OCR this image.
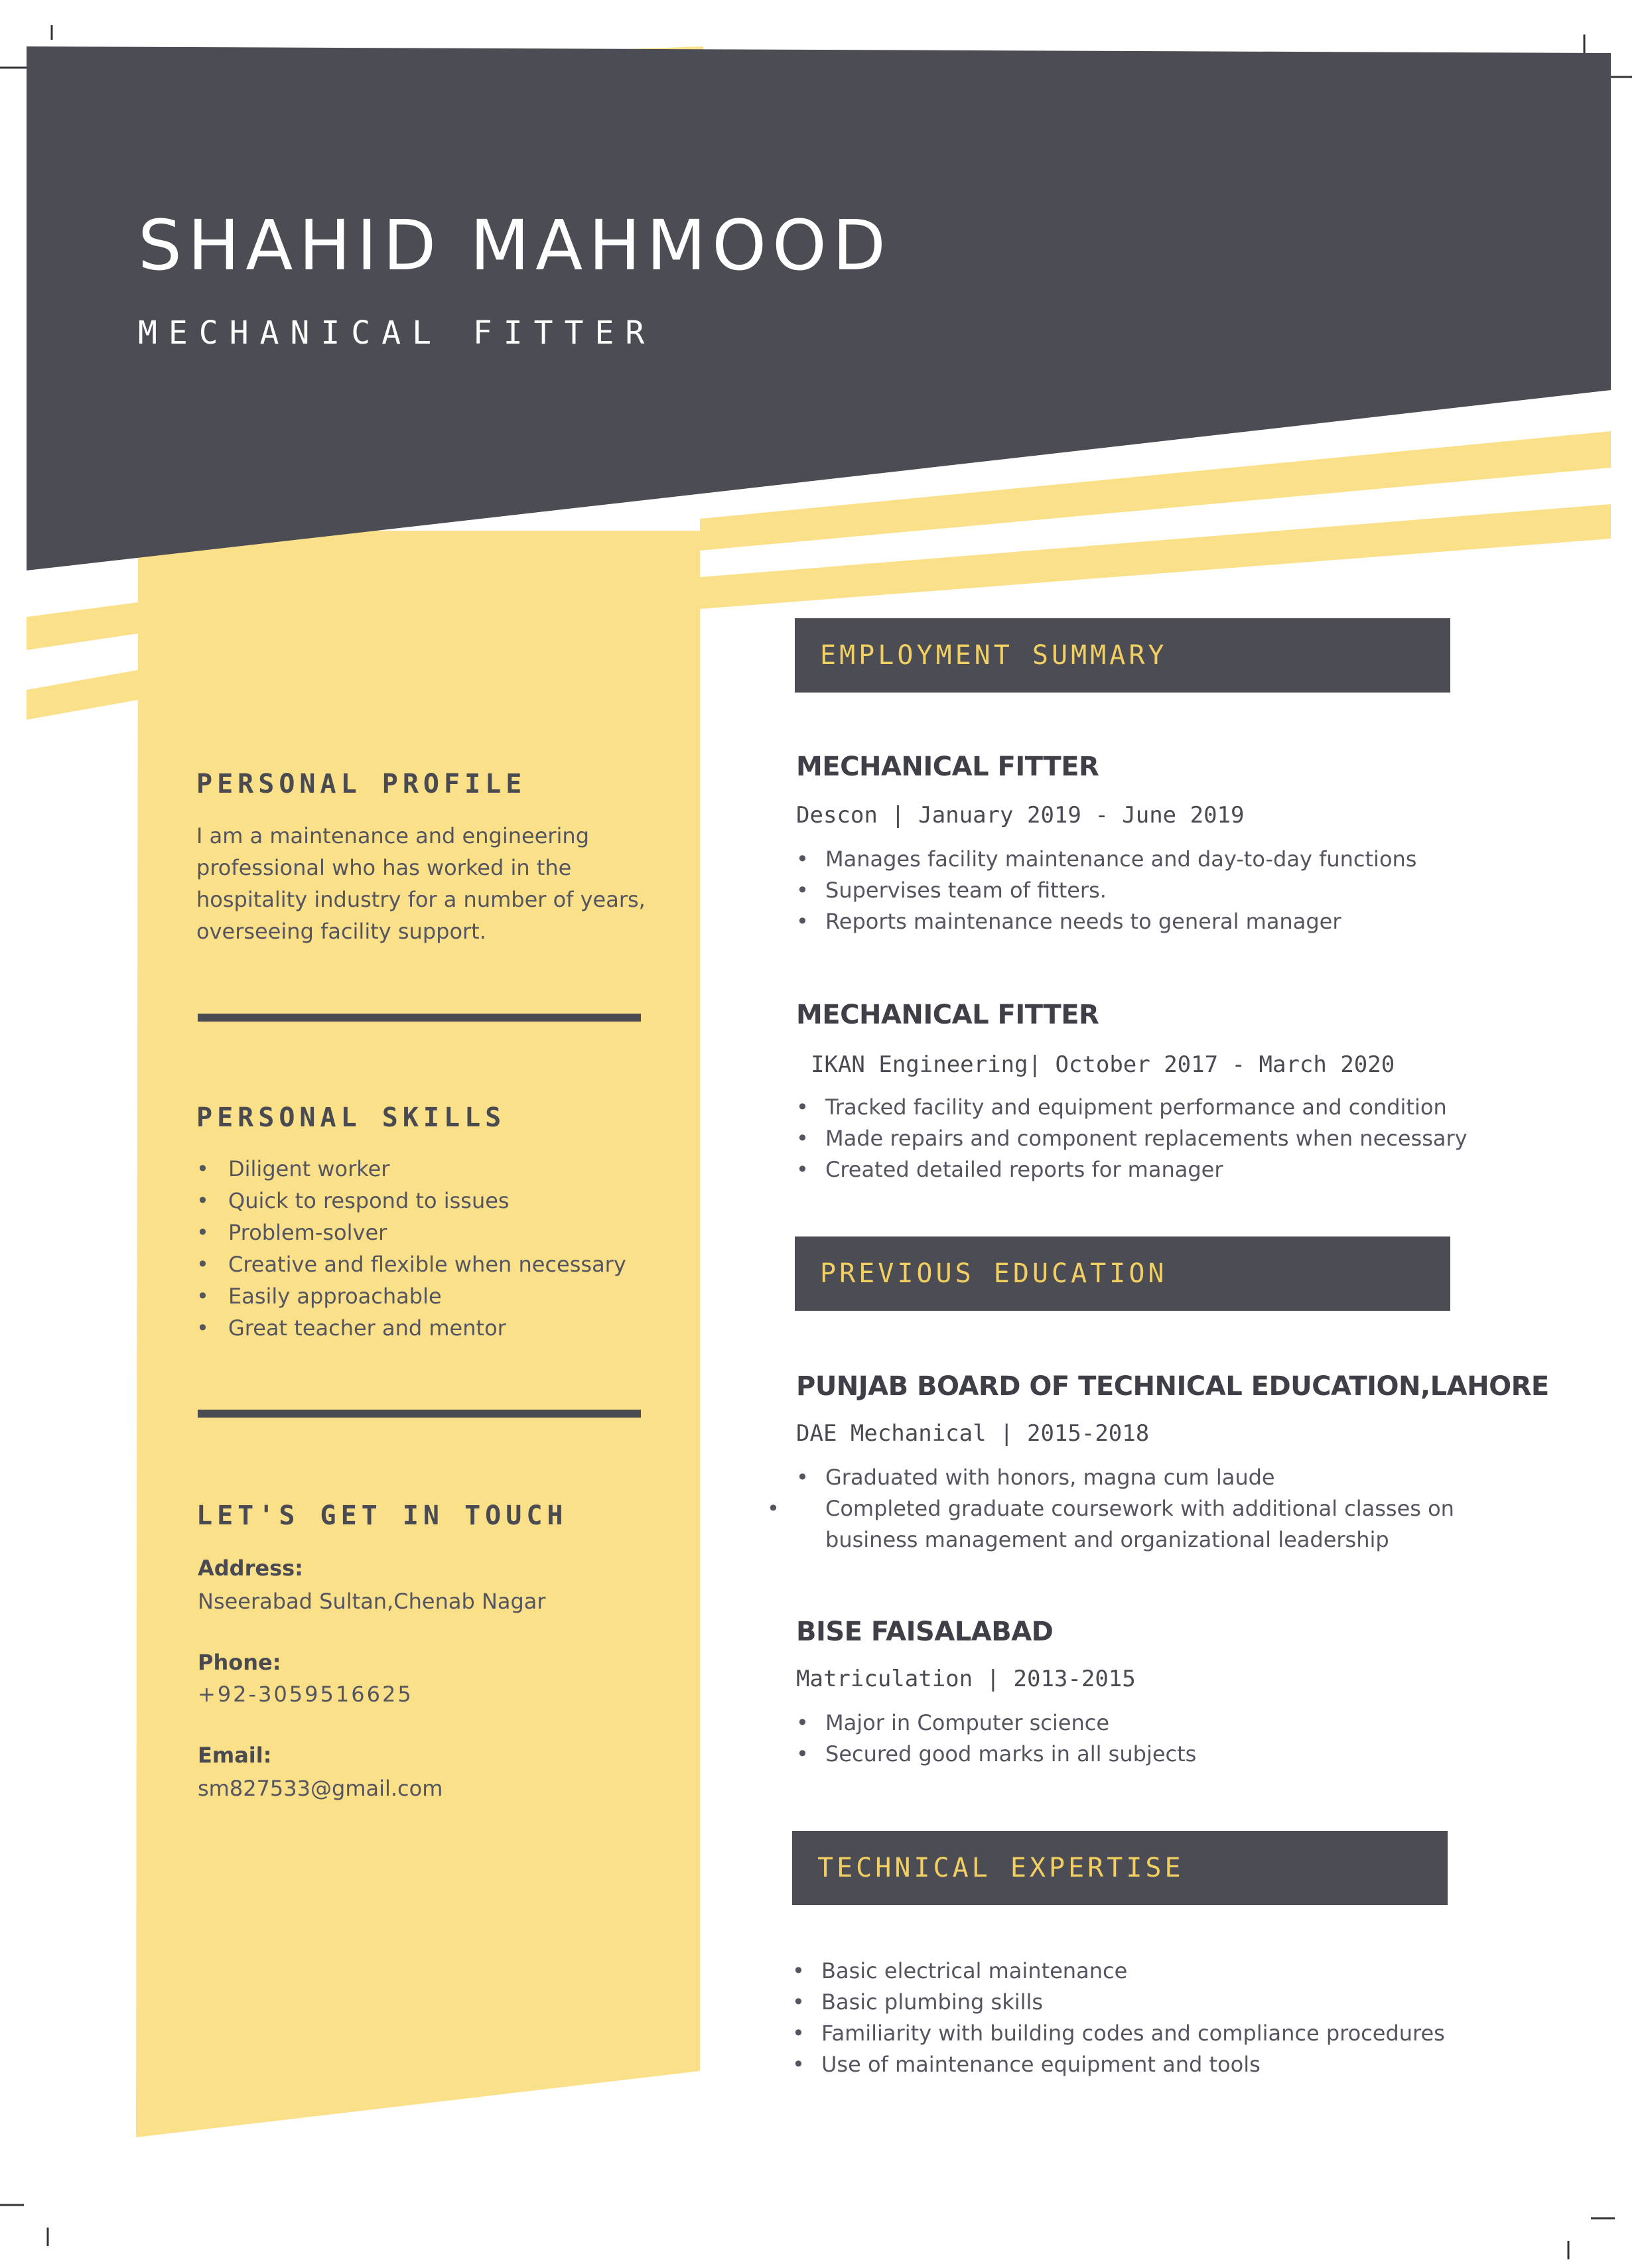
SHAHID MAHMOOD
MECHANICAL FITTER
PERSONAL PROFILE
I am a maintenance and engineering
professional who has worked in the
hospitality industry for a number of years,
overseeing facility support.
PERSONAL SKILLS
• Diligent worker
• Quick to respond to issues
• Problem-solver
• Creative and flexible when necessary
• Easily approachable
• Great teacher and mentor
LET'S GET IN TOUCH
Address:
Nseerabad Sultan,Chenab Nagar
Phone:
+92-3059516625
Email:
sm827533@gmail.com
EMPLOYMENT SUMMARY
MECHANICAL FITTER
Descon | January 2019 - June 2019
• Manages facility maintenance and day-to-day functions
• Supervises team of fitters.
• Reports maintenance needs to general manager
MECHANICAL FITTER
IKAN Engineering| October 2017 - March 2020
• Tracked facility and equipment performance and condition
• Made repairs and component replacements when necessary
• Created detailed reports for manager
PREVIOUS EDUCATION
PUNJAB BOARD OF TECHNICAL EDUCATION,LAHORE
DAE Mechanical | 2015-2018
• Graduated with honors, magna cum laude
• Completed graduate coursework with additional classes on business management and organizational leadership
BISE FAISALABAD
Matriculation | 2013-2015
• Major in Computer science
• Secured good marks in all subjects
TECHNICAL EXPERTISE
• Basic electrical maintenance
• Basic plumbing skills
• Familiarity with building codes and compliance procedures
• Use of maintenance equipment and tools
